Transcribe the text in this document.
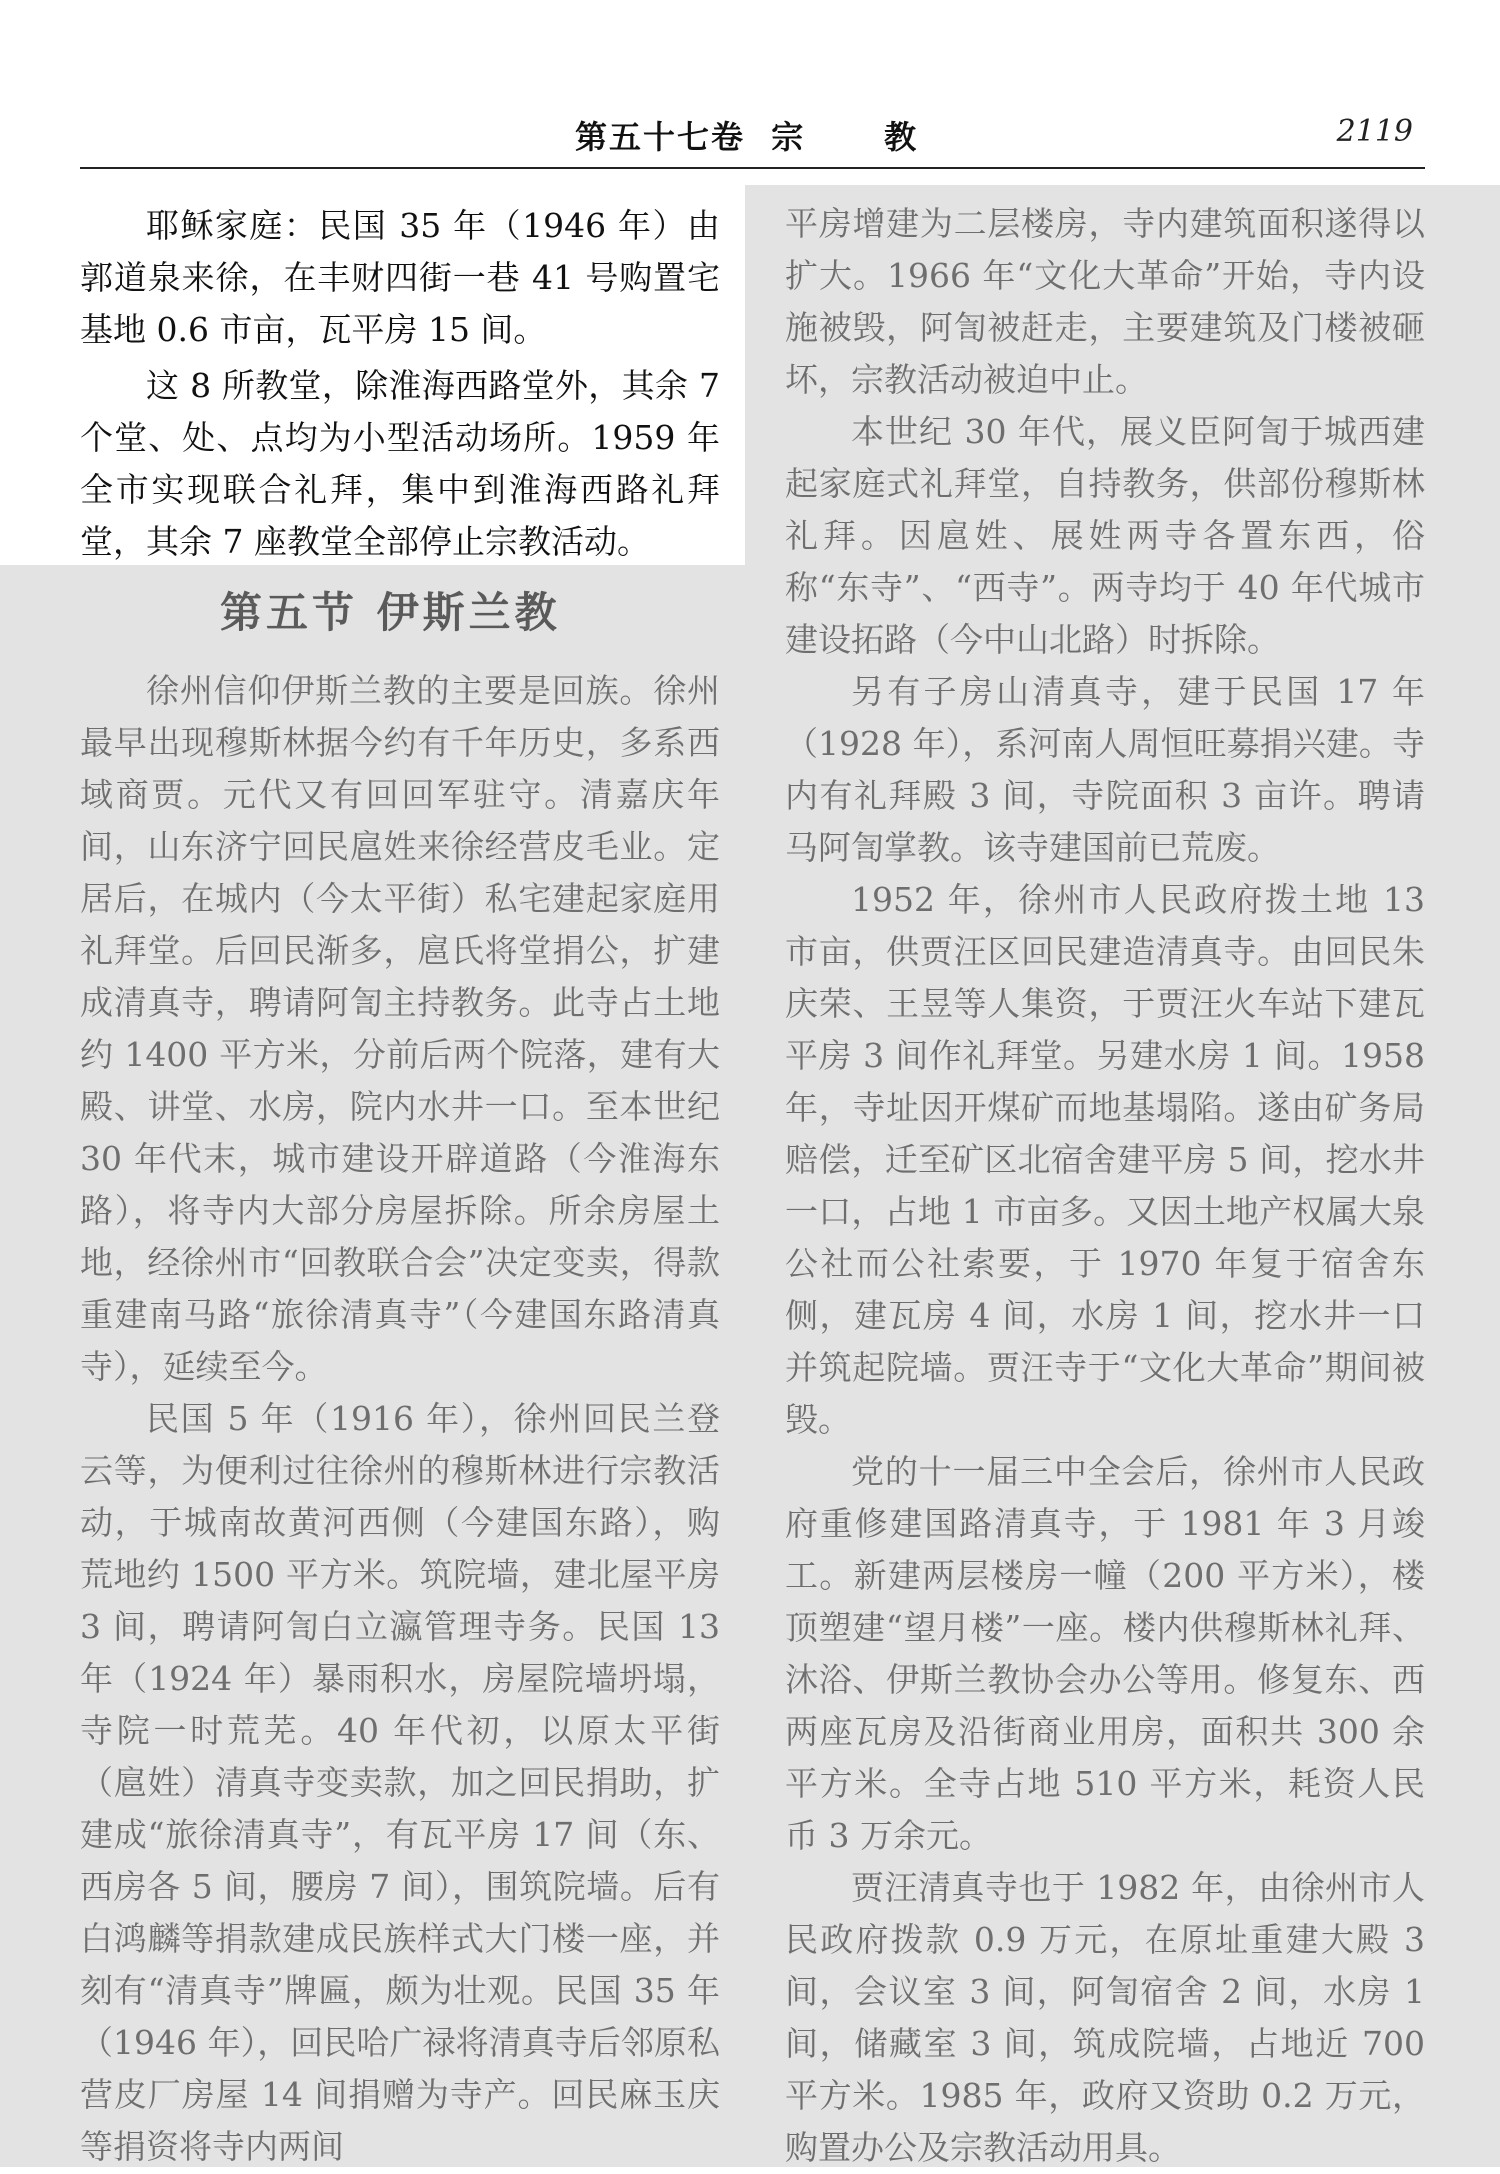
第五十七卷  宗      教	2119

耶稣家庭：民国 35 年（1946 年）由郭道泉来徐，在丰财四街一巷 41 号购置宅基地 0.6 市亩，瓦平房 15 间。

这 8 所教堂，除淮海西路堂外，其余 7 个堂、处、点均为小型活动场所。1959 年全市实现联合礼拜，集中到淮海西路礼拜堂，其余 7 座教堂全部停止宗教活动。

第五节 伊斯兰教

徐州信仰伊斯兰教的主要是回族。徐州最早出现穆斯林据今约有千年历史，多系西域商贾。元代又有回回军驻守。清嘉庆年间，山东济宁回民扈姓来徐经营皮毛业。定居后，在城内（今太平街）私宅建起家庭用礼拜堂。后回民渐多，扈氏将堂捐公，扩建成清真寺，聘请阿訇主持教务。此寺占土地约 1400 平方米，分前后两个院落，建有大殿、讲堂、水房，院内水井一口。至本世纪 30 年代末，城市建设开辟道路（今淮海东路），将寺内大部分房屋拆除。所余房屋土地，经徐州市“回教联合会”决定变卖，得款重建南马路“旅徐清真寺”（今建国东路清真寺），延续至今。

民国 5 年（1916 年），徐州回民兰登云等，为便利过往徐州的穆斯林进行宗教活动，于城南故黄河西侧（今建国东路），购荒地约 1500 平方米。筑院墙，建北屋平房 3 间，聘请阿訇白立瀛管理寺务。民国 13 年（1924 年）暴雨积水，房屋院墙坍塌，寺院一时荒芜。40 年代初，以原太平街（扈姓）清真寺变卖款，加之回民捐助，扩建成“旅徐清真寺”，有瓦平房 17 间（东、西房各 5 间，腰房 7 间），围筑院墙。后有白鸿麟等捐款建成民族样式大门楼一座，并刻有“清真寺”牌匾，颇为壮观。民国 35 年（1946 年），回民哈广禄将清真寺后邻原私营皮厂房屋 14 间捐赠为寺产。回民麻玉庆等捐资将寺内两间

平房增建为二层楼房，寺内建筑面积遂得以扩大。1966 年“文化大革命”开始，寺内设施被毁，阿訇被赶走，主要建筑及门楼被砸坏，宗教活动被迫中止。

本世纪 30 年代，展义臣阿訇于城西建起家庭式礼拜堂，自持教务，供部份穆斯林礼拜。因扈姓、展姓两寺各置东西，俗称“东寺”、“西寺”。两寺均于 40 年代城市建设拓路（今中山北路）时拆除。

另有子房山清真寺，建于民国 17 年（1928 年），系河南人周恒旺募捐兴建。寺内有礼拜殿 3 间，寺院面积 3 亩许。聘请马阿訇掌教。该寺建国前已荒废。

1952 年，徐州市人民政府拨土地 13 市亩，供贾汪区回民建造清真寺。由回民朱庆荣、王昱等人集资，于贾汪火车站下建瓦平房 3 间作礼拜堂。另建水房 1 间。1958 年，寺址因开煤矿而地基塌陷。遂由矿务局赔偿，迁至矿区北宿舍建平房 5 间，挖水井一口，占地 1 市亩多。又因土地产权属大泉公社而公社索要，于 1970 年复于宿舍东侧，建瓦房 4 间，水房 1 间，挖水井一口并筑起院墙。贾汪寺于“文化大革命”期间被毁。

党的十一届三中全会后，徐州市人民政府重修建国路清真寺，于 1981 年 3 月竣工。新建两层楼房一幢（200 平方米），楼顶塑建“望月楼”一座。楼内供穆斯林礼拜、沐浴、伊斯兰教协会办公等用。修复东、西两座瓦房及沿街商业用房，面积共 300 余平方米。全寺占地 510 平方米，耗资人民币 3 万余元。

贾汪清真寺也于 1982 年，由徐州市人民政府拨款 0.9 万元，在原址重建大殿 3 间，会议室 3 间，阿訇宿舍 2 间，水房 1 间，储藏室 3 间，筑成院墙，占地近 700 平方米。1985 年，政府又资助 0.2 万元，购置办公及宗教活动用具。
